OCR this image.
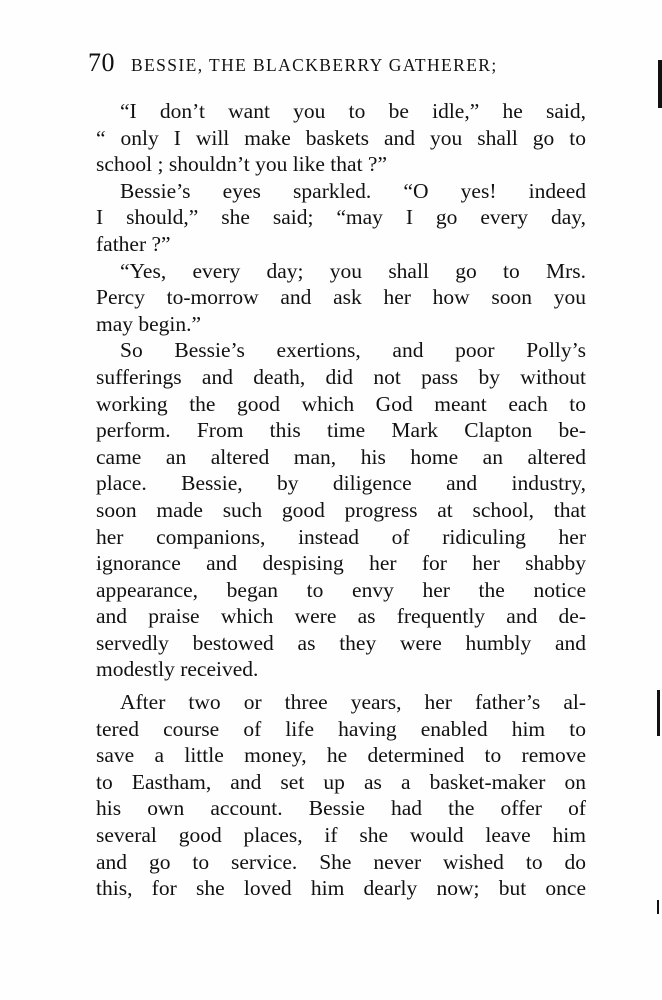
70 BESSIE, THE BLACKBERRY GATHERER;
“I don’t want you to be idle,” he said,
“ only I will make baskets and you shall go to
school ; shouldn’t you like that ?”
Bessie’s eyes sparkled. “O yes! indeed
I should,” she said; “may I go every day,
father ?”
“Yes, every day; you shall go to Mrs.
Percy to-morrow and ask her how soon you
may begin.”
So Bessie’s exertions, and poor Polly’s
sufferings and death, did not pass by without
working the good which God meant each to
perform. From this time Mark Clapton be-
came an altered man, his home an altered
place. Bessie, by diligence and industry,
soon made such good progress at school, that
her companions, instead of ridiculing her
ignorance and despising her for her shabby
appearance, began to envy her the notice
and praise which were as frequently and de-
servedly bestowed as they were humbly and
modestly received.
After two or three years, her father’s al-
tered course of life having enabled him to
save a little money, he determined to remove
to Eastham, and set up as a basket-maker on
his own account. Bessie had the offer of
several good places, if she would leave him
and go to service. She never wished to do
this, for she loved him dearly now; but once
